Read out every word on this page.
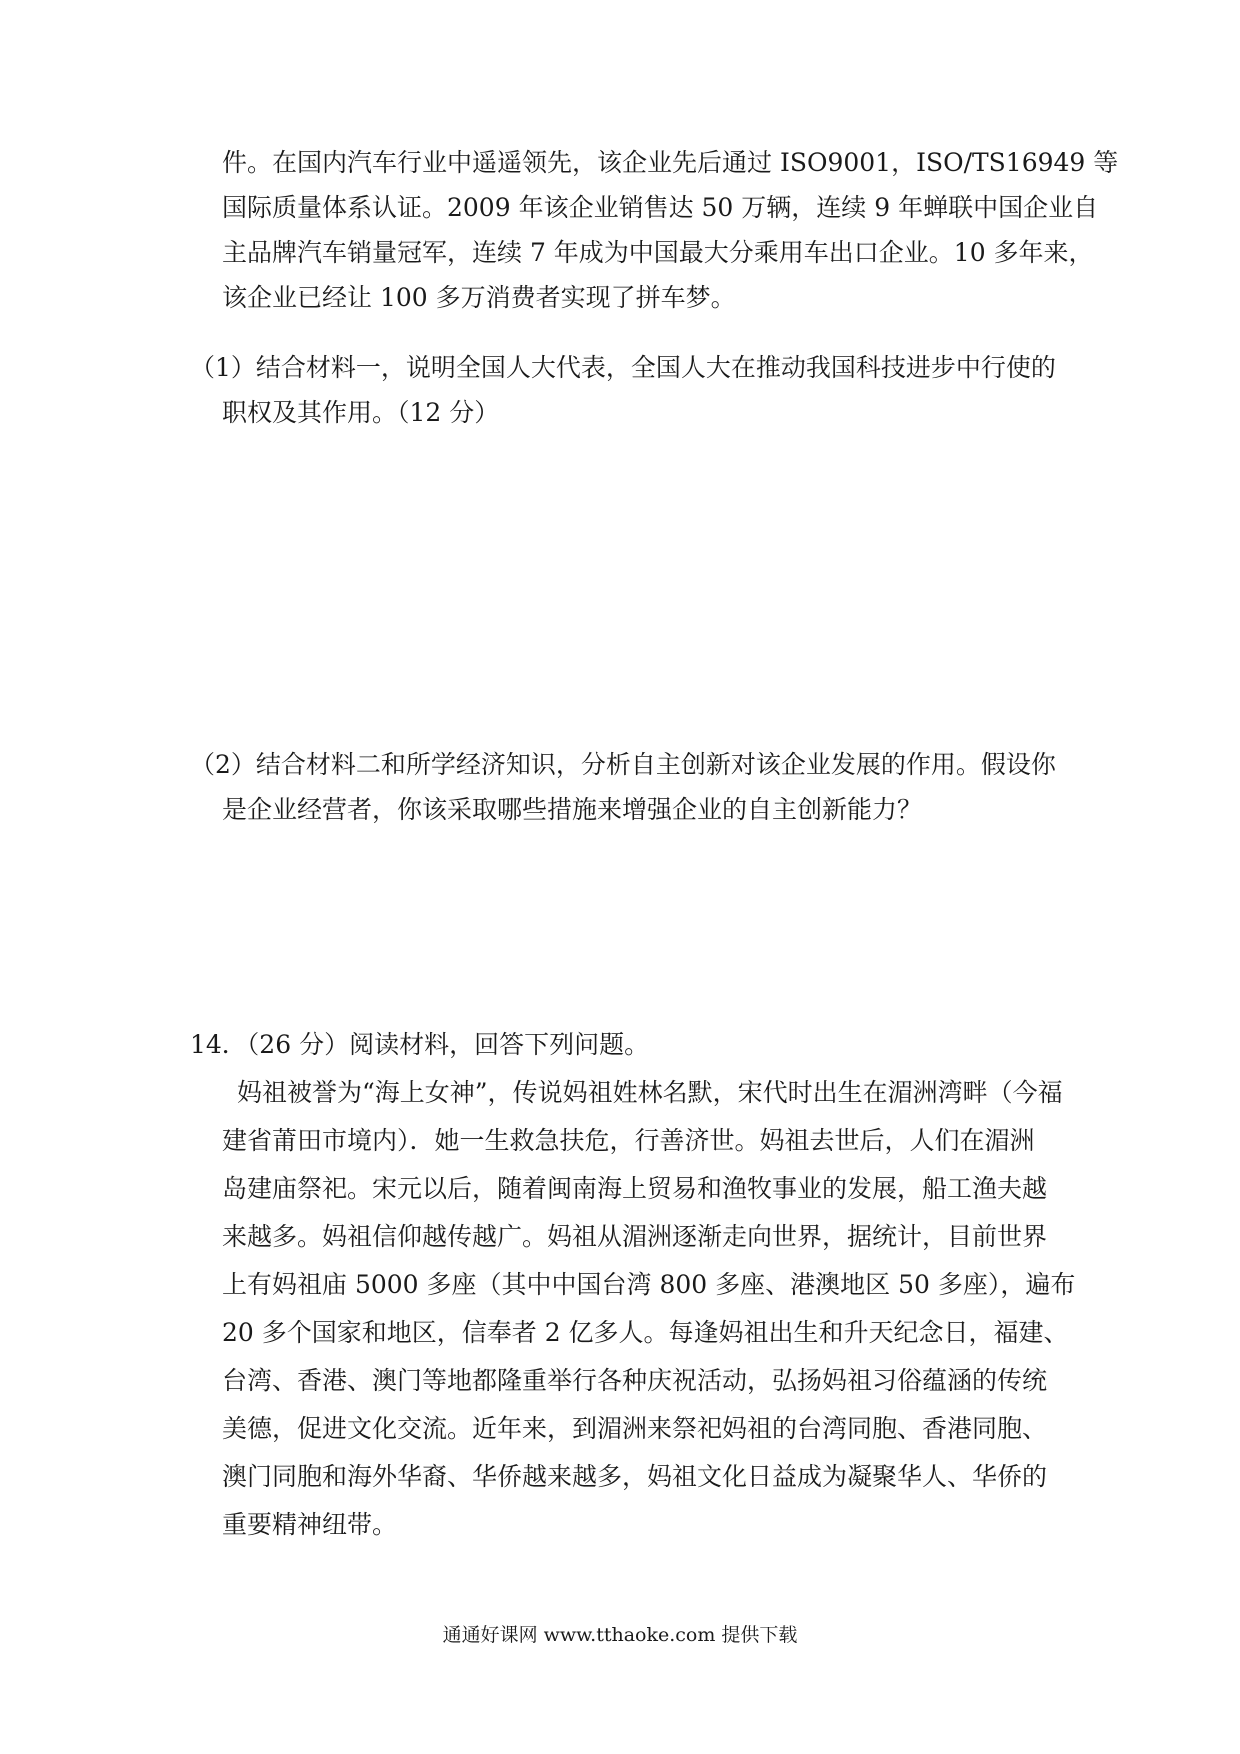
件。在国内汽车行业中遥遥领先，该企业先后通过 ISO9001，ISO/TS16949 等
国际质量体系认证。2009 年该企业销售达 50 万辆，连续 9 年蝉联中国企业自
主品牌汽车销量冠军，连续 7 年成为中国最大分乘用车出口企业。10 多年来，
该企业已经让 100 多万消费者实现了拼车梦。
（1）结合材料一，说明全国人大代表，全国人大在推动我国科技进步中行使的
职权及其作用。（12 分）
（2）结合材料二和所学经济知识，分析自主创新对该企业发展的作用。假设你
是企业经营者，你该采取哪些措施来增强企业的自主创新能力？
14．（26 分）阅读材料，回答下列问题。
妈祖被誉为“海上女神”，传说妈祖姓林名默，宋代时出生在湄洲湾畔（今福
建省莆田市境内）．她一生救急扶危，行善济世。妈祖去世后，人们在湄洲
岛建庙祭祀。宋元以后，随着闽南海上贸易和渔牧事业的发展，船工渔夫越
来越多。妈祖信仰越传越广。妈祖从湄洲逐渐走向世界，据统计，目前世界
上有妈祖庙 5000 多座（其中中国台湾 800 多座、港澳地区 50 多座），遍布
20 多个国家和地区，信奉者 2 亿多人。每逢妈祖出生和升天纪念日，福建、
台湾、香港、澳门等地都隆重举行各种庆祝活动，弘扬妈祖习俗蕴涵的传统
美德，促进文化交流。近年来，到湄洲来祭祀妈祖的台湾同胞、香港同胞、
澳门同胞和海外华裔、华侨越来越多，妈祖文化日益成为凝聚华人、华侨的
重要精神纽带。
通通好课网 www.tthaoke.com 提供下载
